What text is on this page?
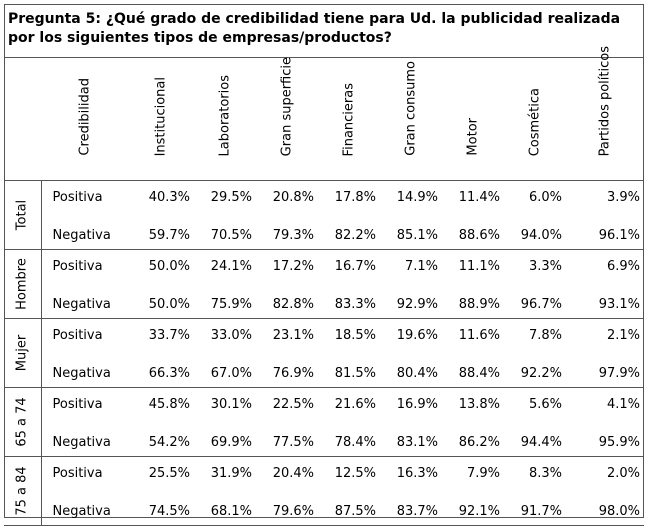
Pregunta 5: ¿Qué grado de credibilidad tiene para Ud. la publicidad realizada por los siguientes tipos de empresas/productos?

	Credibilidad	Institucional	Laboratorios	Gran superficie	Financieras	Gran consumo	Motor	Cosmética	Partidos políticos

Total	Positiva	40.3%	29.5%	20.8%	17.8%	14.9%	11.4%	6.0%	3.9%
	Negativa	59.7%	70.5%	79.3%	82.2%	85.1%	88.6%	94.0%	96.1%

Hombre	Positiva	50.0%	24.1%	17.2%	16.7%	7.1%	11.1%	3.3%	6.9%
	Negativa	50.0%	75.9%	82.8%	83.3%	92.9%	88.9%	96.7%	93.1%

Mujer	Positiva	33.7%	33.0%	23.1%	18.5%	19.6%	11.6%	7.8%	2.1%
	Negativa	66.3%	67.0%	76.9%	81.5%	80.4%	88.4%	92.2%	97.9%

65 a 74	Positiva	45.8%	30.1%	22.5%	21.6%	16.9%	13.8%	5.6%	4.1%
	Negativa	54.2%	69.9%	77.5%	78.4%	83.1%	86.2%	94.4%	95.9%

75 a 84	Positiva	25.5%	31.9%	20.4%	12.5%	16.3%	7.9%	8.3%	2.0%
	Negativa	74.5%	68.1%	79.6%	87.5%	83.7%	92.1%	91.7%	98.0%
